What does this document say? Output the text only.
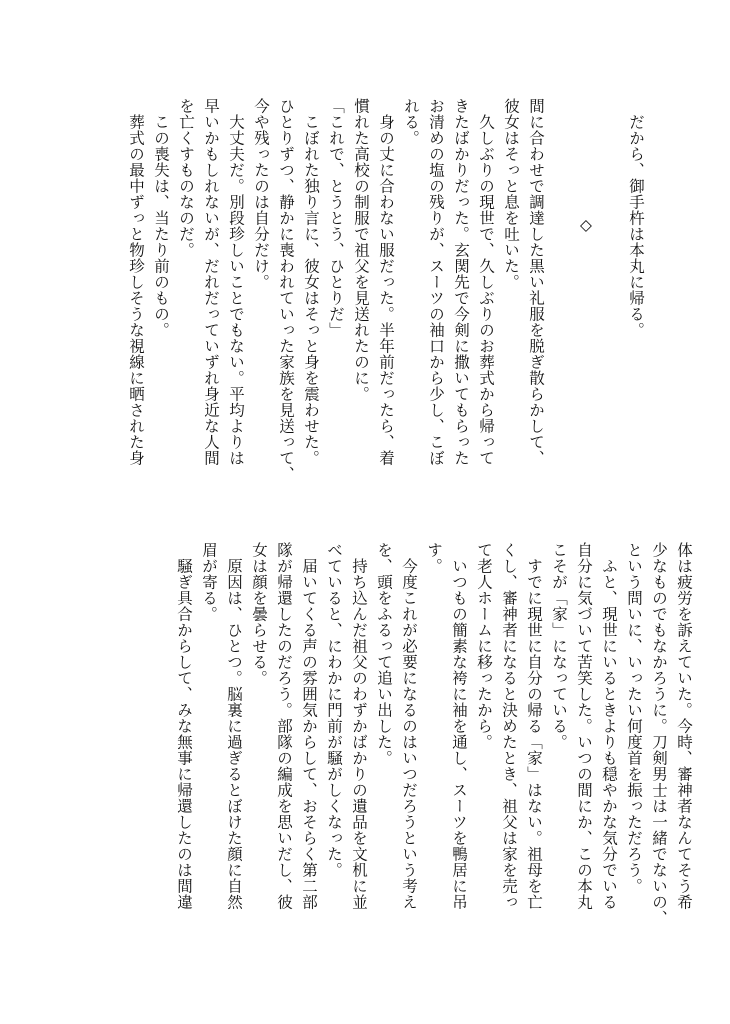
　だから、御手杵は本丸に帰る。

◇

間に合わせで調達した黒い礼服を脱ぎ散らかして、
彼女はそっと息を吐いた。
　久しぶりの現世で、久しぶりのお葬式から帰って
きたばかりだった。玄関先で今剣に撒いてもらった
お清めの塩の残りが、スーツの袖口から少し、こぼ
れる。
　身の丈に合わない服だった。半年前だったら、着
慣れた高校の制服で祖父を見送れたのに。
「これで、とうとう、ひとりだ」
　こぼれた独り言に、彼女はそっと身を震わせた。
ひとりずつ、静かに喪われていった家族を見送って、
今や残ったのは自分だけ。
　大丈夫だ。別段珍しいことでもない。平均よりは
早いかもしれないが、だれだっていずれ身近な人間
を亡くすものなのだ。
　この喪失は、当たり前のもの。
　葬式の最中ずっと物珍しそうな視線に晒された身
体は疲労を訴えていた。今時、審神者なんてそう希
少なものでもなかろうに。刀剣男士は一緒でないの、
という問いに、いったい何度首を振っただろう。
　ふと、現世にいるときよりも穏やかな気分でいる
自分に気づいて苦笑した。いつの間にか、この本丸
こそが「家」になっている。
　すでに現世に自分の帰る「家」はない。祖母を亡
くし、審神者になると決めたとき、祖父は家を売っ
て老人ホームに移ったから。
　いつもの簡素な袴に袖を通し、スーツを鴨居に吊
す。
　今度これが必要になるのはいつだろうという考え
を、頭をふるって追い出した。
　持ち込んだ祖父のわずかばかりの遺品を文机に並
べていると、にわかに門前が騒がしくなった。
　届いてくる声の雰囲気からして、おそらく第二部
隊が帰還したのだろう。部隊の編成を思いだし、彼
女は顔を曇らせる。
　原因は、ひとつ。脳裏に過ぎるとぼけた顔に自然
眉が寄る。
　騒ぎ具合からして、みな無事に帰還したのは間違
